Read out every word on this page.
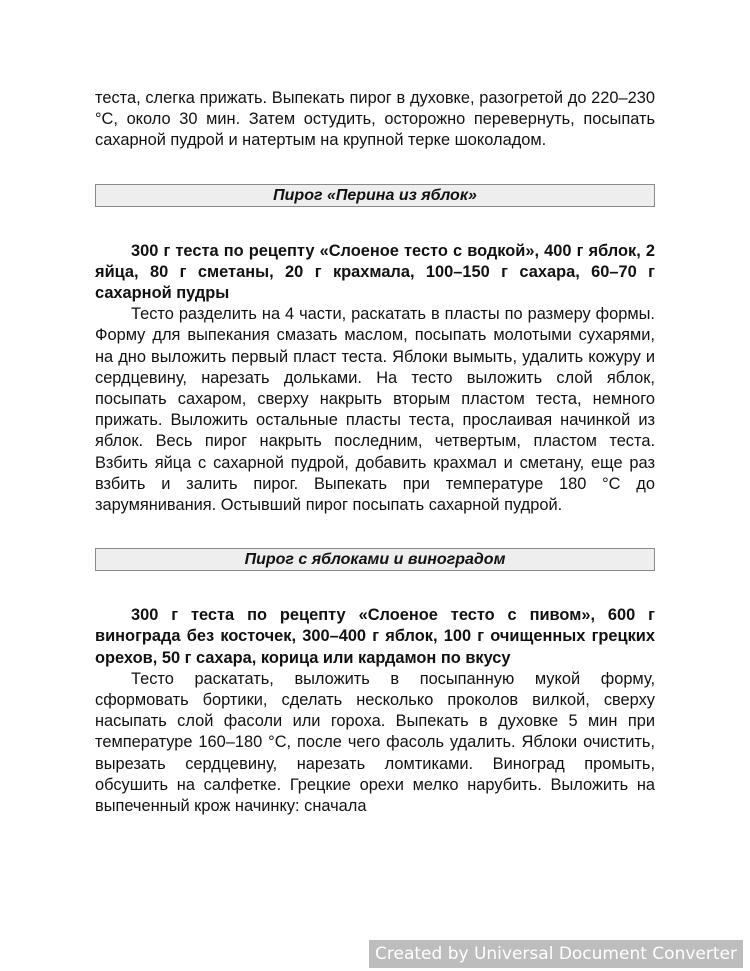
теста, слегка прижать. Выпекать пирог в духовке, разогретой до 220–230 °C, около 30 мин. Затем остудить, осторожно перевернуть, посыпать сахарной пудрой и натертым на крупной терке шоколадом.

Пирог «Перина из яблок»

300 г теста по рецепту «Слоеное тесто с водкой», 400 г яблок, 2 яйца, 80 г сметаны, 20 г крахмала, 100–150 г сахара, 60–70 г сахарной пудры

Тесто разделить на 4 части, раскатать в пласты по размеру формы. Форму для выпекания смазать маслом, посыпать молотыми сухарями, на дно выложить первый пласт теста. Яблоки вымыть, удалить кожуру и сердцевину, нарезать дольками. На тесто выложить слой яблок, посыпать сахаром, сверху накрыть вторым пластом теста, немного прижать. Выложить остальные пласты теста, прослаивая начинкой из яблок. Весь пирог накрыть последним, четвертым, пластом теста. Взбить яйца с сахарной пудрой, добавить крахмал и сметану, еще раз взбить и залить пирог. Выпекать при температуре 180 °C до зарумянивания. Остывший пирог посыпать сахарной пудрой.

Пирог с яблоками и виноградом

300 г теста по рецепту «Слоеное тесто с пивом», 600 г винограда без косточек, 300–400 г яблок, 100 г очищенных грецких орехов, 50 г сахара, корица или кардамон по вкусу

Тесто раскатать, выложить в посыпанную мукой форму, сформовать бортики, сделать несколько проколов вилкой, сверху насыпать слой фасоли или гороха. Выпекать в духовке 5 мин при температуре 160–180 °C, после чего фасоль удалить. Яблоки очистить, вырезать сердцевину, нарезать ломтиками. Виноград промыть, обсушить на салфетке. Грецкие орехи мелко нарубить. Выложить на выпеченный крож начинку: сначала

Created by Universal Document Converter
